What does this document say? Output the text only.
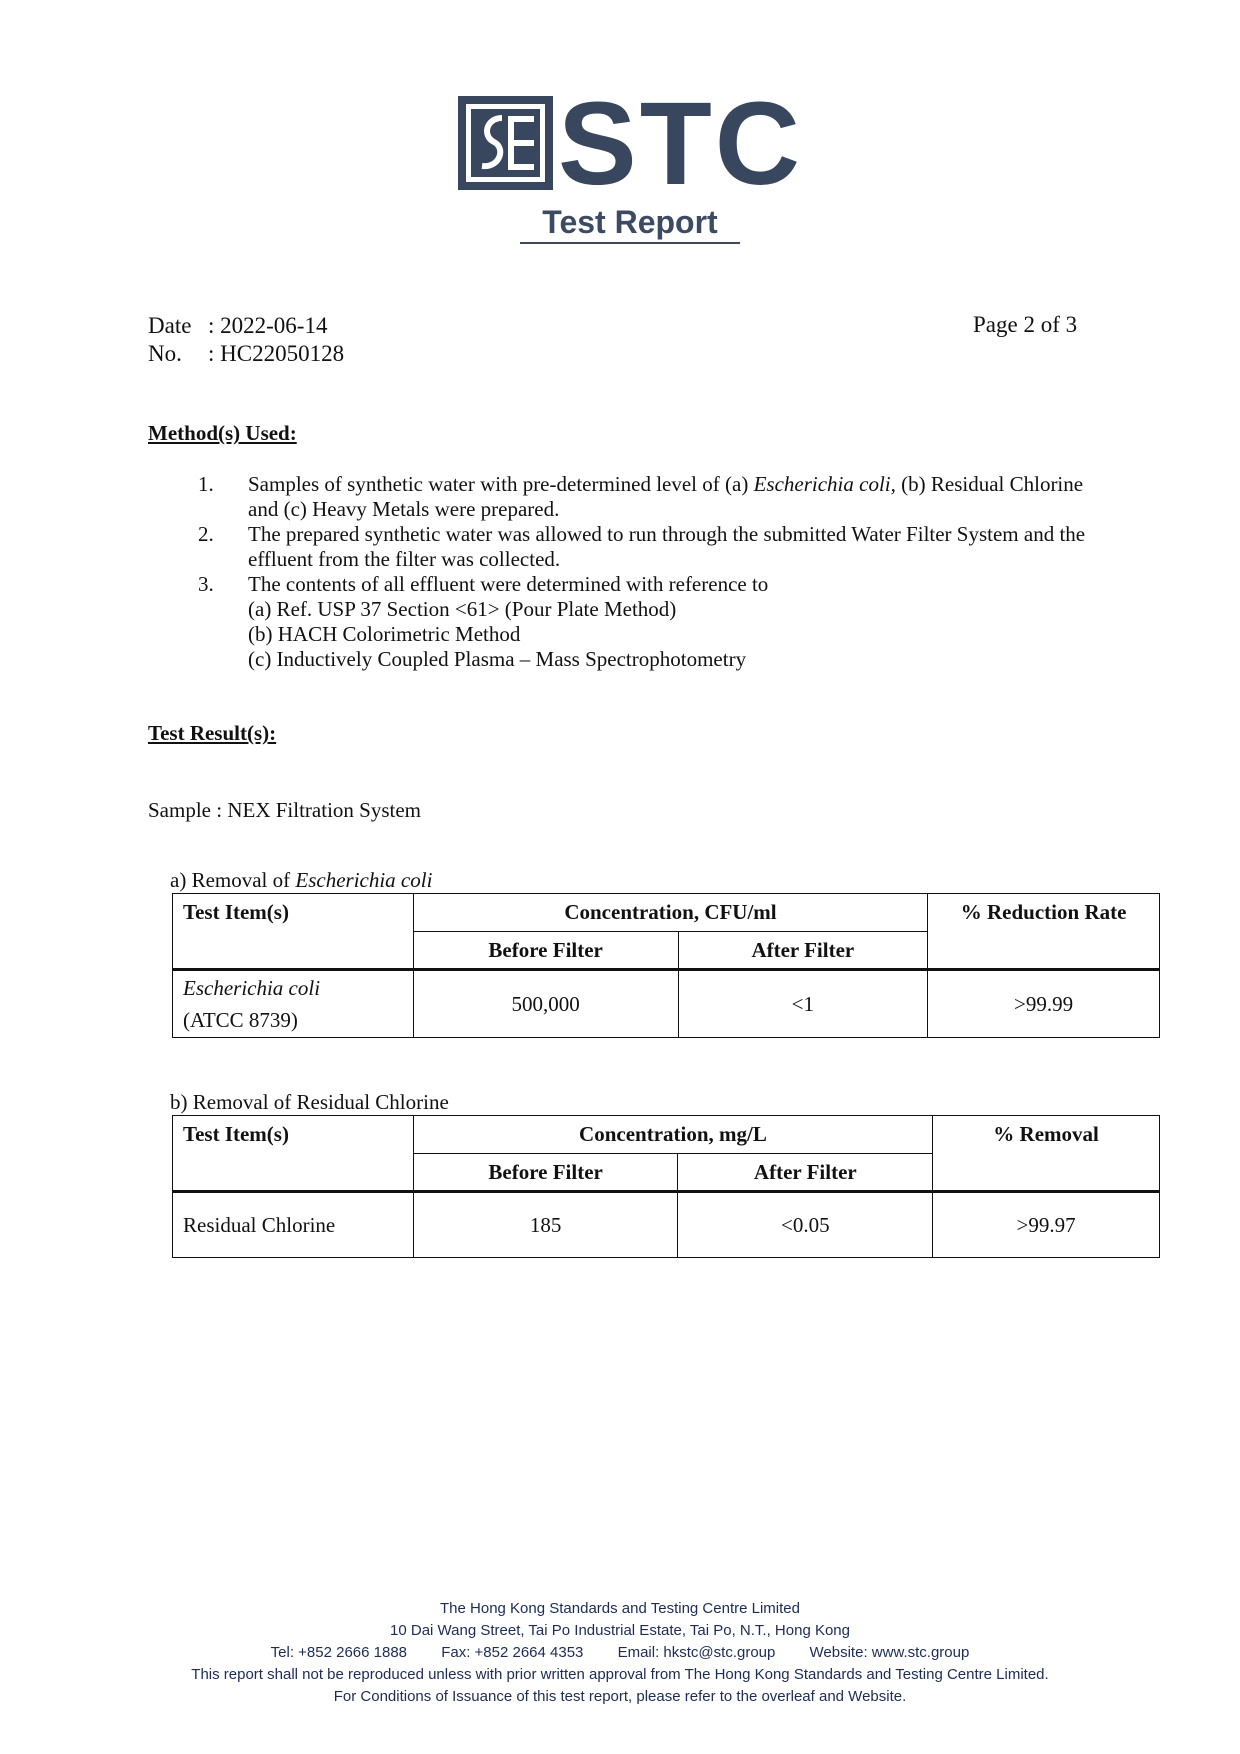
STC
Test Report
Date : 2022-06-14
No. : HC22050128
Page 2 of 3
Method(s) Used:
1.	Samples of synthetic water with pre-determined level of (a) Escherichia coli, (b) Residual Chlorine and (c) Heavy Metals were prepared.
2.	The prepared synthetic water was allowed to run through the submitted Water Filter System and the effluent from the filter was collected.
3.	The contents of all effluent were determined with reference to
(a) Ref. USP 37 Section <61> (Pour Plate Method)
(b) HACH Colorimetric Method
(c) Inductively Coupled Plasma – Mass Spectrophotometry
Test Result(s):
Sample : NEX Filtration System
a) Removal of Escherichia coli
Test Item(s)	Concentration, CFU/ml		% Reduction Rate
	Before Filter	After Filter	
Escherichia coli
(ATCC 8739)	500,000	<1	>99.99
b) Removal of Residual Chlorine
Test Item(s)	Concentration, mg/L		% Removal
	Before Filter	After Filter	
Residual Chlorine	185	<0.05	>99.97
The Hong Kong Standards and Testing Centre Limited
10 Dai Wang Street, Tai Po Industrial Estate, Tai Po, N.T., Hong Kong
Tel: +852 2666 1888 Fax: +852 2664 4353 Email: hkstc@stc.group Website: www.stc.group
This report shall not be reproduced unless with prior written approval from The Hong Kong Standards and Testing Centre Limited.
For Conditions of Issuance of this test report, please refer to the overleaf and Website.
